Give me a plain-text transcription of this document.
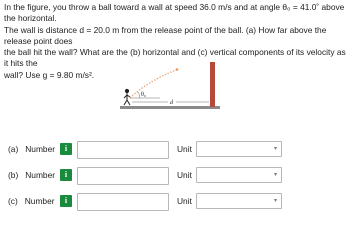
In the figure, you throw a ball toward a wall at speed 36.0 m/s and at angle θ₀ = 41.0˚ above the horizontal.
The wall is distance d = 20.0 m from the release point of the ball. (a) How far above the release point does
the ball hit the wall? What are the (b) horizontal and (c) vertical components of its velocity as it hits the
wall? Use g = 9.80 m/s².
θ₀
d
(a) Number	i	Unit	▾
(b) Number	i	Unit	▾
(c) Number	i	Unit	▾
